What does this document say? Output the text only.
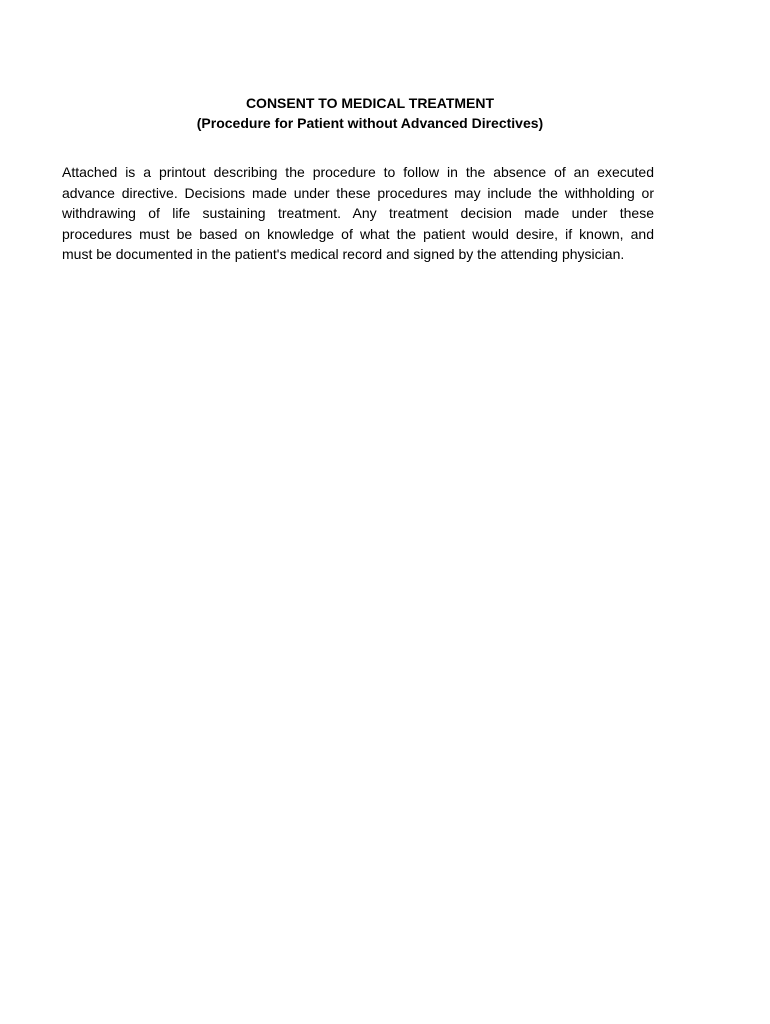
CONSENT TO MEDICAL TREATMENT
(Procedure for Patient without Advanced Directives)
Attached is a printout describing the procedure to follow in the absence of an executed
advance directive. Decisions made under these procedures may include the withholding or
withdrawing of life sustaining treatment. Any treatment decision made under these
procedures must be based on knowledge of what the patient would desire, if known, and
must be documented in the patient's medical record and signed by the attending physician.
